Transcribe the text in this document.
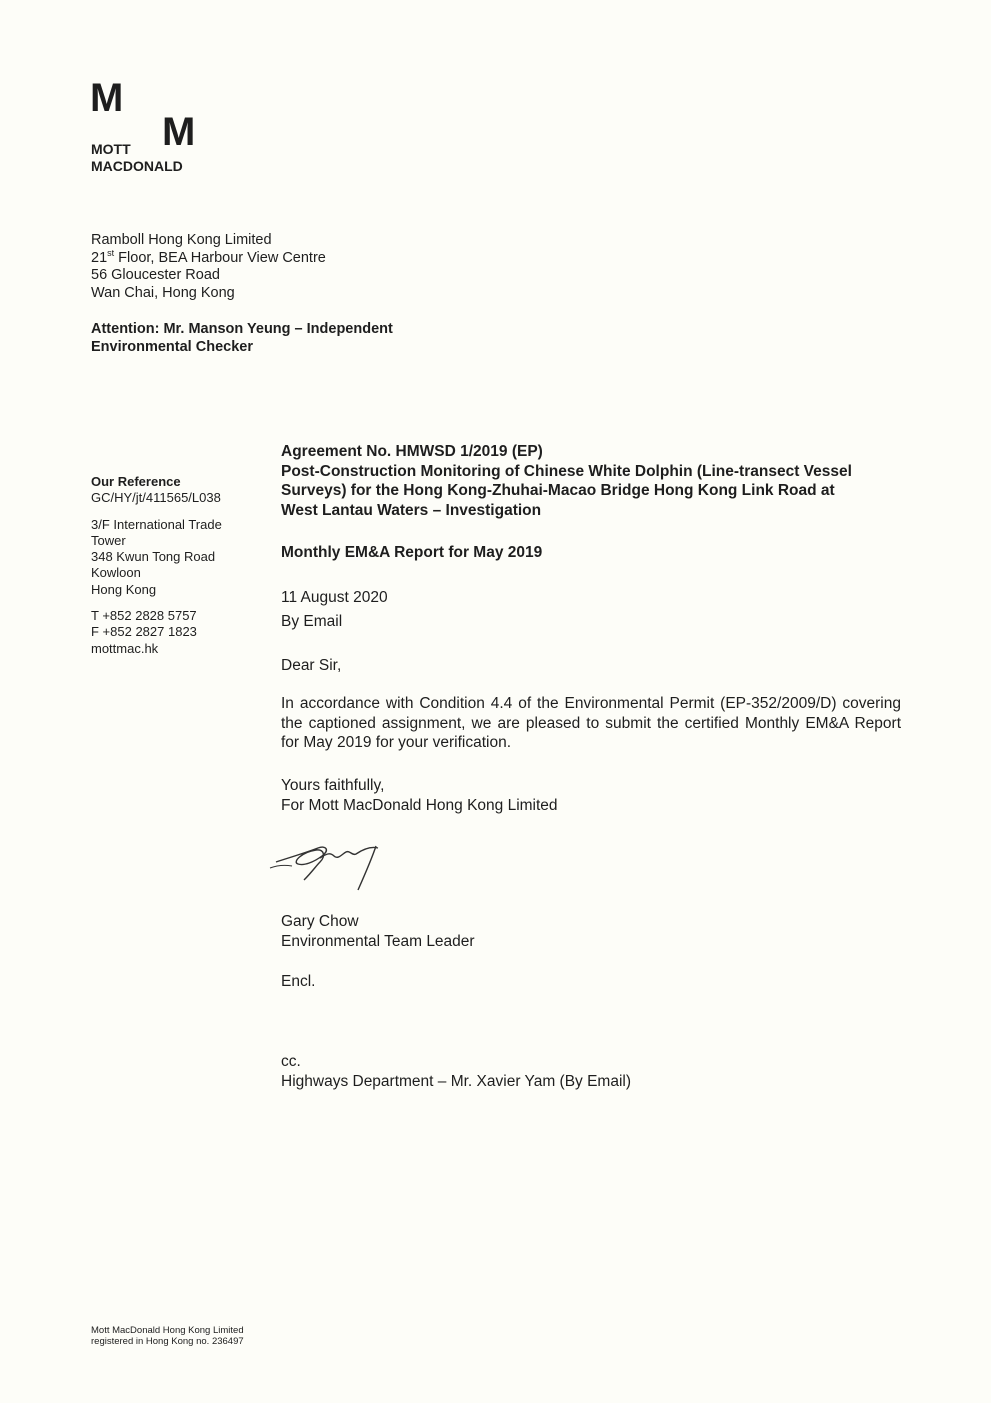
M
M
MOTT
MACDONALD
Ramboll Hong Kong Limited
21st Floor, BEA Harbour View Centre
56 Gloucester Road
Wan Chai, Hong Kong
Attention: Mr. Manson Yeung – Independent Environmental Checker
Our Reference
GC/HY/jt/411565/L038
3/F International Trade
Tower
348 Kwun Tong Road
Kowloon
Hong Kong
T +852 2828 5757
F +852 2827 1823
mottmac.hk
Agreement No. HMWSD 1/2019 (EP)
Post-Construction Monitoring of Chinese White Dolphin (Line-transect Vessel
Surveys) for the Hong Kong-Zhuhai-Macao Bridge Hong Kong Link Road at
West Lantau Waters – Investigation
Monthly EM&A Report for May 2019
11 August 2020
By Email
Dear Sir,
In accordance with Condition 4.4 of the Environmental Permit (EP-352/2009/D) covering the captioned assignment, we are pleased to submit the certified Monthly EM&A Report for May 2019 for your verification.
Yours faithfully,
For Mott MacDonald Hong Kong Limited
Gary Chow
Environmental Team Leader
Encl.
cc.
Highways Department – Mr. Xavier Yam (By Email)
Mott MacDonald Hong Kong Limited
registered in Hong Kong no. 236497
